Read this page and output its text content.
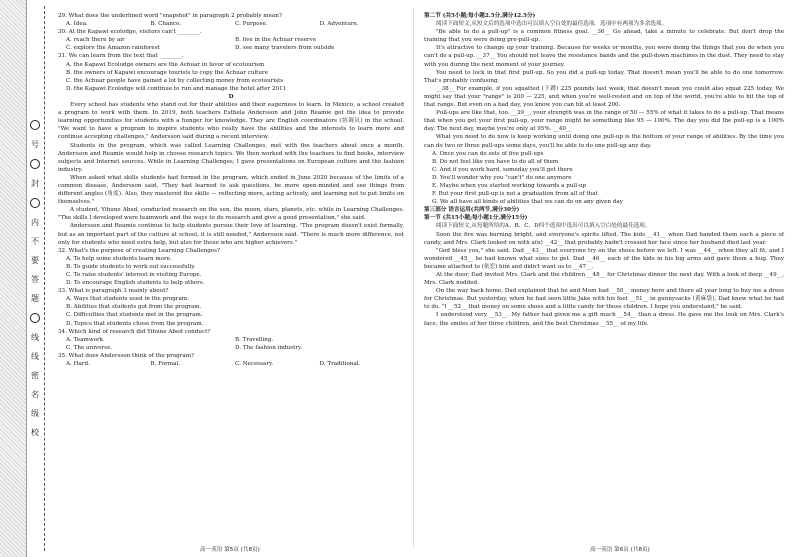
号
封
内
不
要
答
题
线
线
密
名
级
校

29. What does the underlined word "snapshot" in paragraph 2 probably mean?

A. Idea.	B. Chance.	C. Purpose.	D. Adventure.

30. At the Kapawi ecolodge, visitors can't ________.

A. reach there by air	B. live in the Achuar reserve
C. explore the Amazon rainforest	D. see many travelers from outside

31. We can learn from the text that ________.

A. the Kapawi Ecolodge owners are the Achuar in favor of ecotourism

B. the owners of Kapawi encourage tourists to copy the Achuar culture

C. the Achuar people have gained a lot by collecting money from ecotourists

D. the Kapawi Ecolodge will continue to run and manage the hotel after 2011

D

Every school has students who stand out for their abilities and their eagerness to learn. In Mexico, a school created a program to work with them. In 2019, both teachers Esthela Andersson and John Reamie got the idea to provide learning opportunities for students with a hunger for knowledge. They are English coordinators (协调员) in the school. "We want to have a program to inspire students who really have the abilities and the interests to learn more and continue accepting challenges," Andersson said during a recent interview.

Students in the program, which was called Learning Challenges, met with the teachers about once a month. Andersson and Reamie would help in choose research topics. We then worked with the teachers to find books, interview subjects and Internet sources. While in Learning Challenges, I gave presentations on European culture and the fashion industry.

When asked what skills students had formed in the program, which ended in June 2020 because of the limits of a common disease, Andersson said, "They had learned to ask questions, be more open-minded and see things from different angles (角度). Also, they mastered the skills — reflecting more, acting actively, and learning not to put limits on themselves."

A student, Yihune Abed, conducted research on the sun, the moon, stars, planets, etc. while in Learning Challenges. "The skills I developed were teamwork and the ways to do research and give a good presentation," she said.

Andersson and Reamie continue to help students pursue their love of learning. "The program doesn't exist formally, but as an important part of the culture at school, it is still needed," Andersson said. "There is much more difference, not only for students who need extra help, but also for those who are higher achievers."

32. What's the purpose of creating Learning Challenges?

A. To help some students learn more.

B. To guide students to work out successfully.

C. To raise students' interest in visiting Europe.

D. To encourage English students to help others.

33. What is paragraph 3 mainly about?

A. Ways that students used in the program.

B. Abilities that students got from the program.

C. Difficulties that students met in the program.

D. Topics that students chose from the program.

34. Which kind of research did Yihune Abed conduct?

A. Teamwork.	B. Travelling.
C. The universe.	D. The fashion industry.

35. What does Andersson think of the program?

A. Hard.	B. Formal.	C. Necessary.	D. Traditional.

第二节 (共5小题;每小题2.5分,满分12.5分)

阅读下面短文,从短文后的选项中选出可以填入空白处的最佳选项。选项中有两项为多余选项。

"Be able to do a pull-up" is a common fitness goal. __36__ Go ahead, take a minute to celebrate. But don't drop the training that you were doing pre-pull-up.

It's attractive to change up your training. Because for weeks or months, you were doing the things that you do when you can't do a pull-up. __37__ You should not leave the resistance bands and the pull-down machines in the dust. They need to stay with you during the next moment of your journey.

You need to lock in that first pull-up. So you did a pull-up today. That doesn't mean you'll be able to do one tomorrow. That's probably confusing.

__38__ For example, if you squatted (下蹲) 225 pounds last week, that doesn't mean you could also squat 225 today. We might say that your "range" is 200 — 225, and when you're well-rested and on top of the world, you're able to hit the top of that range. But even on a bad day, you know you can hit at least 200.

Pull-ups are like that, too. __39__, your strength was in the range of 50 — 55% of what it takes to do a pull-up. That means that when you get your first pull-up, your range might be something like 95 — 100%. The day you did the pull-up is a 100% day. The next day, maybe you're only at 95%. __40__

What you need to do now is keep working until doing one pull-up is the bottom of your range of abilities. By the time you can do two or three pull-ups some days, you'll be able to do one pull-up any day.

A. Once you can do sets of five pull-ups

B. Do not feel like you have to do all of them

C. And if you work hard, someday you'll get there

D. You'll wonder why you "can't" do one anymore

E. Maybe when you started working towards a pull-up

F. But your first pull-up is not a graduation from all of that

G. We all have all kinds of abilities that we can do on any given day

第三部分 语言运用(共两节,满分30分)

第一节 (共15小题;每小题1分,满分15分)

阅读下面短文,从每题所给的A、B、C、D四个选项中选出可以填入空白处的最佳选项。

Soon the fire was burning bright, and everyone's spirits lifted. The kids __41__ when Dad handed them each a piece of candy, and Mrs. Clark looked on with a(n) __42__ that probably hadn't crossed her face since her husband died last year.

"God bless you," she said. Dad __43__ that everyone try on the shoes before we left. I was __44__ when they all fit, and I wondered __45__ he had known what sizes to get. Dad __46__ each of the kids in his big arms and gave them a hug. They became attached to (依恋) him and didn't want us to __47__.

At the door, Dad invited Mrs. Clark and the children __48__ for Christmas dinner the next day. With a look of deep __49__, Mrs. Clark nodded.

On the way back home, Dad explained that he and Mom had __50__ money here and there all year long to buy me a dress for Christmas. But yesterday, when he had seen little Jake with his feet __51__ in gunnysacks (黄麻袋), Dad knew what he had to do. "I __52__ that money on some shoes and a little candy for those children. I hope you understand," he said.

I understood very __53__. My father had given me a gift much __54__ than a dress. He gave me the look on Mrs. Clark's face, the smiles of her three children, and the best Christmas __55__ of my life.

高一英语 第5页 (共8页)	高一英语 第6页 (共8页)
